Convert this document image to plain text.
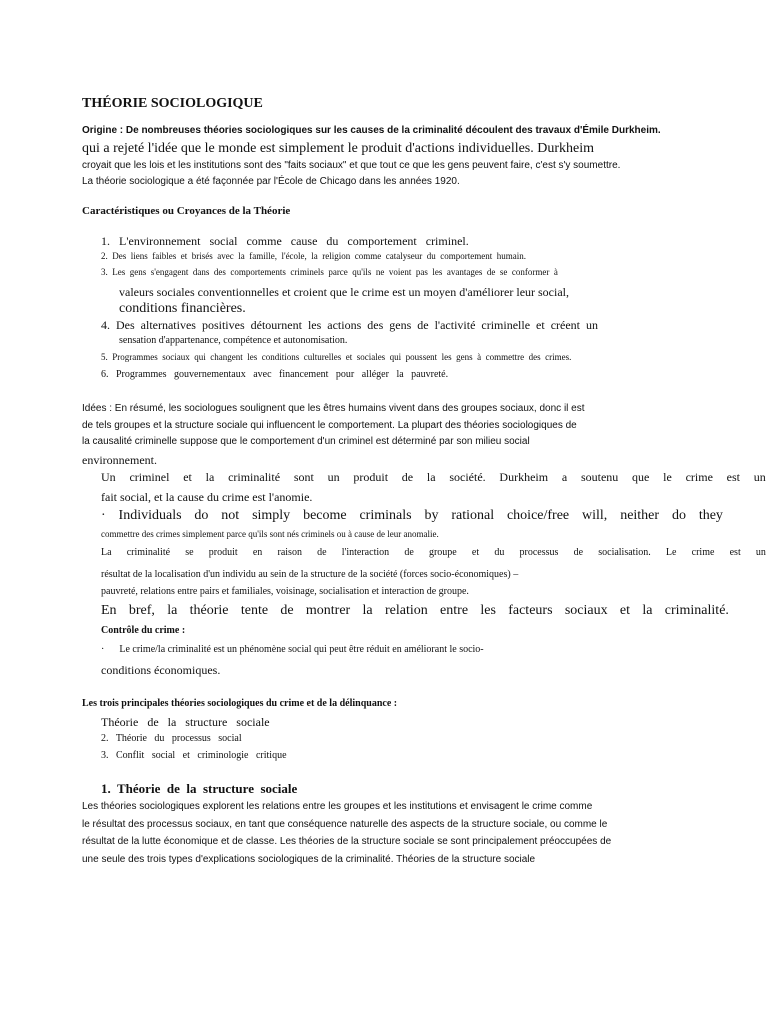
THÉORIE SOCIOLOGIQUE
Origine : De nombreuses théories sociologiques sur les causes de la criminalité découlent des travaux d'Émile Durkheim.
qui a rejeté l'idée que le monde est simplement le produit d'actions individuelles. Durkheim
croyait que les lois et les institutions sont des "faits sociaux" et que tout ce que les gens peuvent faire, c'est s'y soumettre.
La théorie sociologique a été façonnée par l'École de Chicago dans les années 1920.
Caractéristiques ou Croyances de la Théorie
1.   L'environnement   social   comme   cause   du   comportement   criminel.
2.  Des  liens  faibles  et  brisés  avec  la  famille,  l'école,  la  religion  comme  catalyseur  du  comportement  humain.
3.  Les  gens  s'engagent  dans  des  comportements  criminels  parce  qu'ils  ne  voient  pas  les  avantages  de  se  conformer  à
valeurs sociales conventionnelles et croient que le crime est un moyen d'améliorer leur social,
conditions financières.
4.  Des  alternatives  positives  détournent  les  actions  des  gens  de  l'activité  criminelle  et  créent  un
sensation d'appartenance, compétence et autonomisation.
5.  Programmes  sociaux  qui  changent  les  conditions  culturelles  et  sociales  qui  poussent  les  gens  à  commettre  des  crimes.
6.   Programmes   gouvernementaux   avec   financement   pour   alléger   la   pauvreté.
Idées : En résumé, les sociologues soulignent que les êtres humains vivent dans des groupes sociaux, donc il est
de tels groupes et la structure sociale qui influencent le comportement. La plupart des théories sociologiques de
la causalité criminelle suppose que le comportement d'un criminel est déterminé par son milieu social
environnement.
Un criminel et la criminalité sont un produit de la société. Durkheim a soutenu que le crime est un
fait social, et la cause du crime est l'anomie.
· Individuals do not simply become criminals by rational choice/free will, neither do they
commettre des crimes simplement parce qu'ils sont nés criminels ou à cause de leur anomalie.
La criminalité se produit en raison de l'interaction de groupe et du processus de socialisation. Le crime est un
résultat de la localisation d'un individu au sein de la structure de la société (forces socio-économiques) –
pauvreté, relations entre pairs et familiales, voisinage, socialisation et interaction de groupe.
En bref, la théorie tente de montrer la relation entre les facteurs sociaux et la criminalité.
Contrôle du crime :
·      Le crime/la criminalité est un phénomène social qui peut être réduit en améliorant le socio-
conditions économiques.
Les trois principales théories sociologiques du crime et de la délinquance :
Théorie   de   la   structure   sociale
2.   Théorie   du   processus   social
3.   Conflit   social   et   criminologie   critique
1.  Théorie  de  la  structure  sociale
Les théories sociologiques explorent les relations entre les groupes et les institutions et envisagent le crime comme
le résultat des processus sociaux, en tant que conséquence naturelle des aspects de la structure sociale, ou comme le
résultat de la lutte économique et de classe. Les théories de la structure sociale se sont principalement préoccupées de
une seule des trois types d'explications sociologiques de la criminalité. Théories de la structure sociale
